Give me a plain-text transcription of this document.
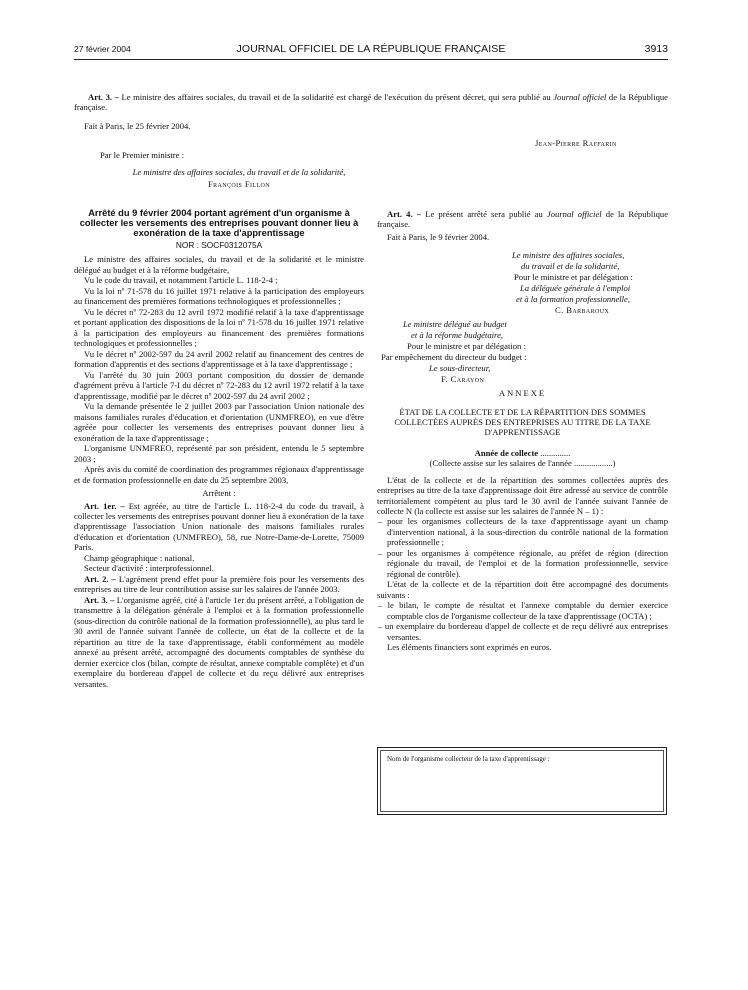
27 février 2004	JOURNAL OFFICIEL DE LA RÉPUBLIQUE FRANÇAISE	3913

Art. 3. – Le ministre des affaires sociales, du travail et de la solidarité est chargé de l'exécution du présent décret, qui sera publié au Journal officiel de la République française.

Fait à Paris, le 25 février 2004.
Jean-Pierre Raffarin
Par le Premier ministre :
Le ministre des affaires sociales, du travail et de la solidarité,
François Fillon

Arrêté du 9 février 2004 portant agrément d'un organisme à collecter les versements des entreprises pouvant donner lieu à exonération de la taxe d'apprentissage

NOR : SOCF0312075A

Le ministre des affaires sociales, du travail et de la solidarité et le ministre délégué au budget et à la réforme budgétaire,

Vu le code du travail, et notamment l'article L. 118-2-4 ;

Vu la loi nº 71-578 du 16 juillet 1971 relative à la participation des employeurs au financement des premières formations technologiques et professionnelles ;

Vu le décret nº 72-283 du 12 avril 1972 modifié relatif à la taxe d'apprentissage et portant application des dispositions de la loi nº 71-578 du 16 juillet 1971 relative à la participation des employeurs au financement des premières formations technologiques et professionnelles ;

Vu le décret nº 2002-597 du 24 avril 2002 relatif au financement des centres de formation d'apprentis et des sections d'apprentissage et à la taxe d'apprentissage ;

Vu l'arrêté du 30 juin 2003 portant composition du dossier de demande d'agrément prévu à l'article 7-I du décret nº 72-283 du 12 avril 1972 relatif à la taxe d'apprentissage, modifié par le décret nº 2002-597 du 24 avril 2002 ;

Vu la demande présentée le 2 juillet 2003 par l'association Union nationale des maisons familiales rurales d'éducation et d'orientation (UNMFREO), en vue d'être agréée pour collecter les versements des entreprises pouvant donner lieu à exonération de la taxe d'apprentissage ;

L'organisme UNMFREO, représenté par son président, entendu le 5 septembre 2003 ;

Après avis du comité de coordination des programmes régionaux d'apprentissage et de formation professionnelle en date du 25 septembre 2003,

Arrêtent :

Art. 1er. – Est agréée, au titre de l'article L. 118-2-4 du code du travail, à collecter les versements des entreprises pouvant donner lieu à exonération de la taxe d'apprentissage l'association Union nationale des maisons familiales rurales d'éducation et d'orientation (UNMFREO), 58, rue Notre-Dame-de-Lorette, 75009 Paris.

Champ géographique : national.

Secteur d'activité : interprofessionnel.

Art. 2. – L'agrément prend effet pour la première fois pour les versements des entreprises au titre de leur contribution assise sur les salaires de l'année 2003.

Art. 3. – L'organisme agréé, cité à l'article 1er du présent arrêté, a l'obligation de transmettre à la délégation générale à l'emploi et à la formation professionnelle (sous-direction du contrôle national de la formation professionnelle), au plus tard le 30 avril de l'année suivant l'année de collecte, un état de la collecte et de la répartition au titre de la taxe d'apprentissage, établi conformément au modèle annexé au présent arrêté, accompagné des documents comptables de synthèse du dernier exercice clos (bilan, compte de résultat, annexe comptable complète) et d'un exemplaire du bordereau d'appel de collecte et du reçu délivré aux entreprises versantes.

Art. 4. – Le présent arrêté sera publié au Journal officiel de la République française.

Fait à Paris, le 9 février 2004.

Le ministre des affaires sociales,
du travail et de la solidarité,
Pour le ministre et par délégation :
La déléguée générale à l'emploi
et à la formation professionnelle,
C. Barbaroux
Le ministre délégué au budget
et à la réforme budgétaire,
Pour le ministre et par délégation :
Par empêchement du directeur du budget :
Le sous-directeur,
F. Carayon

ANNEXE

ÉTAT DE LA COLLECTE ET DE LA RÉPARTITION DES SOMMES COLLECTÉES AUPRÈS DES ENTREPRISES AU TITRE DE LA TAXE D'APPRENTISSAGE

Année de collecte ..............

(Collecte assise sur les salaires de l'année ..................)

L'état de la collecte et de la répartition des sommes collectées auprès des entreprises au titre de la taxe d'apprentissage doit être adressé au service de contrôle territorialement compétent au plus tard le 30 avril de l'année suivant l'année de collecte N (la collecte est assise sur les salaires de l'année N – 1) :

– pour les organismes collecteurs de la taxe d'apprentissage ayant un champ d'intervention national, à la sous-direction du contrôle national de la formation professionnelle ;

– pour les organismes à compétence régionale, au préfet de région (direction régionale du travail, de l'emploi et de la formation professionnelle, service régional de contrôle).

L'état de la collecte et de la répartition doit être accompagné des documents suivants :

– le bilan, le compte de résultat et l'annexe comptable du dernier exercice comptable clos de l'organisme collecteur de la taxe d'apprentissage (OCTA) ;

– un exemplaire du bordereau d'appel de collecte et de reçu délivré aux entreprises versantes.

Les éléments financiers sont exprimés en euros.

Nom de l'organisme collecteur de la taxe d'apprentissage :
